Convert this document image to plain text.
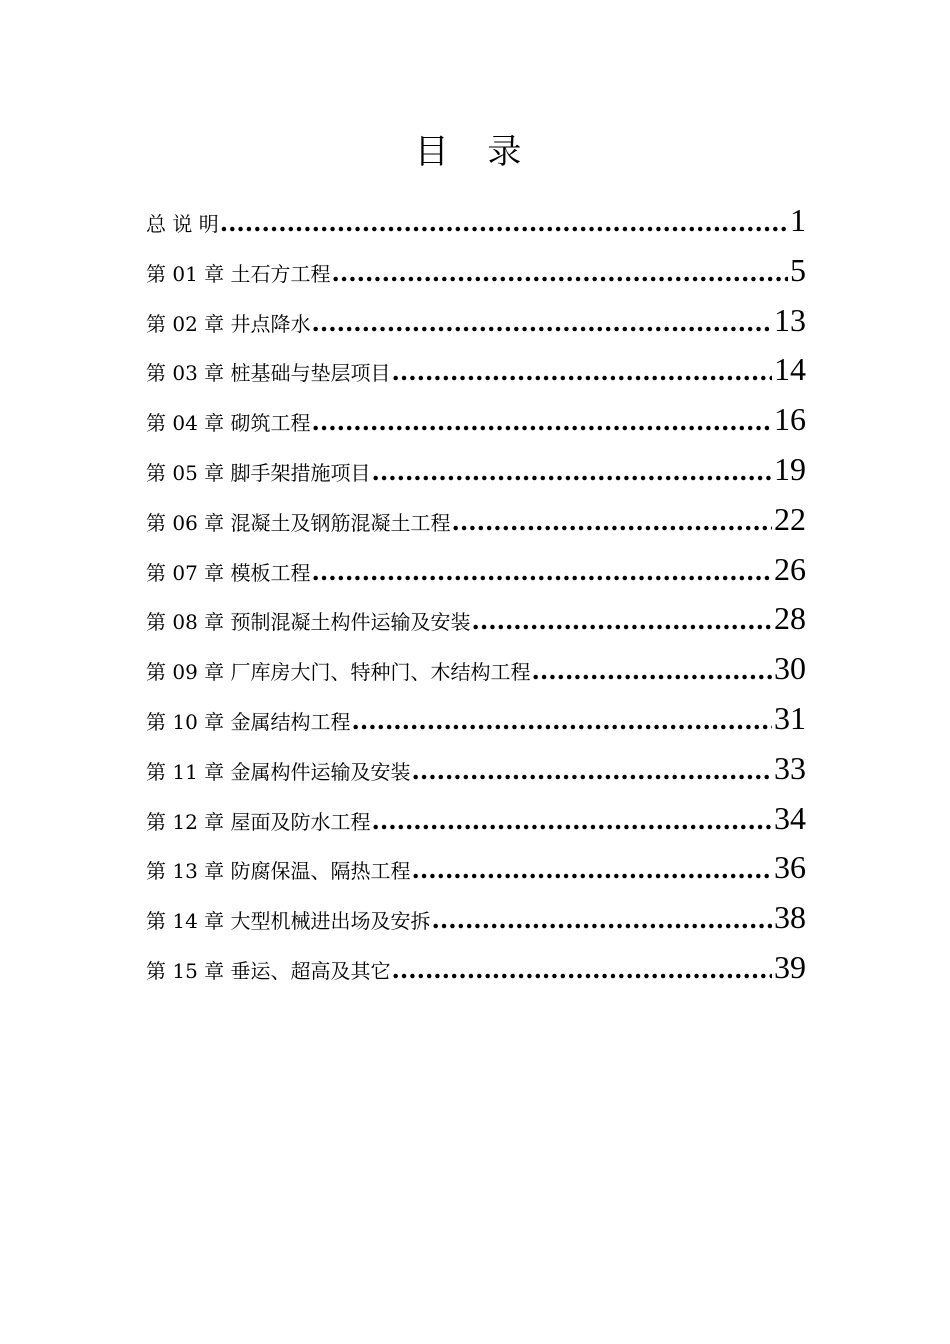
目 录
总 说 明 .....	1
第 01 章 土石方工程 .....	5
第 02 章 井点降水 .....	13
第 03 章 桩基础与垫层项目 .....	14
第 04 章 砌筑工程 .....	16
第 05 章 脚手架措施项目 .....	19
第 06 章 混凝土及钢筋混凝土工程 .....	22
第 07 章 模板工程 .....	26
第 08 章 预制混凝土构件运输及安装 .....	28
第 09 章 厂库房大门、特种门、木结构工程 .....	30
第 10 章 金属结构工程 .....	31
第 11 章 金属构件运输及安装 .....	33
第 12 章 屋面及防水工程 .....	34
第 13 章 防腐保温、隔热工程 .....	36
第 14 章 大型机械进出场及安拆 .....	38
第 15 章 垂运、超高及其它 .....	39
